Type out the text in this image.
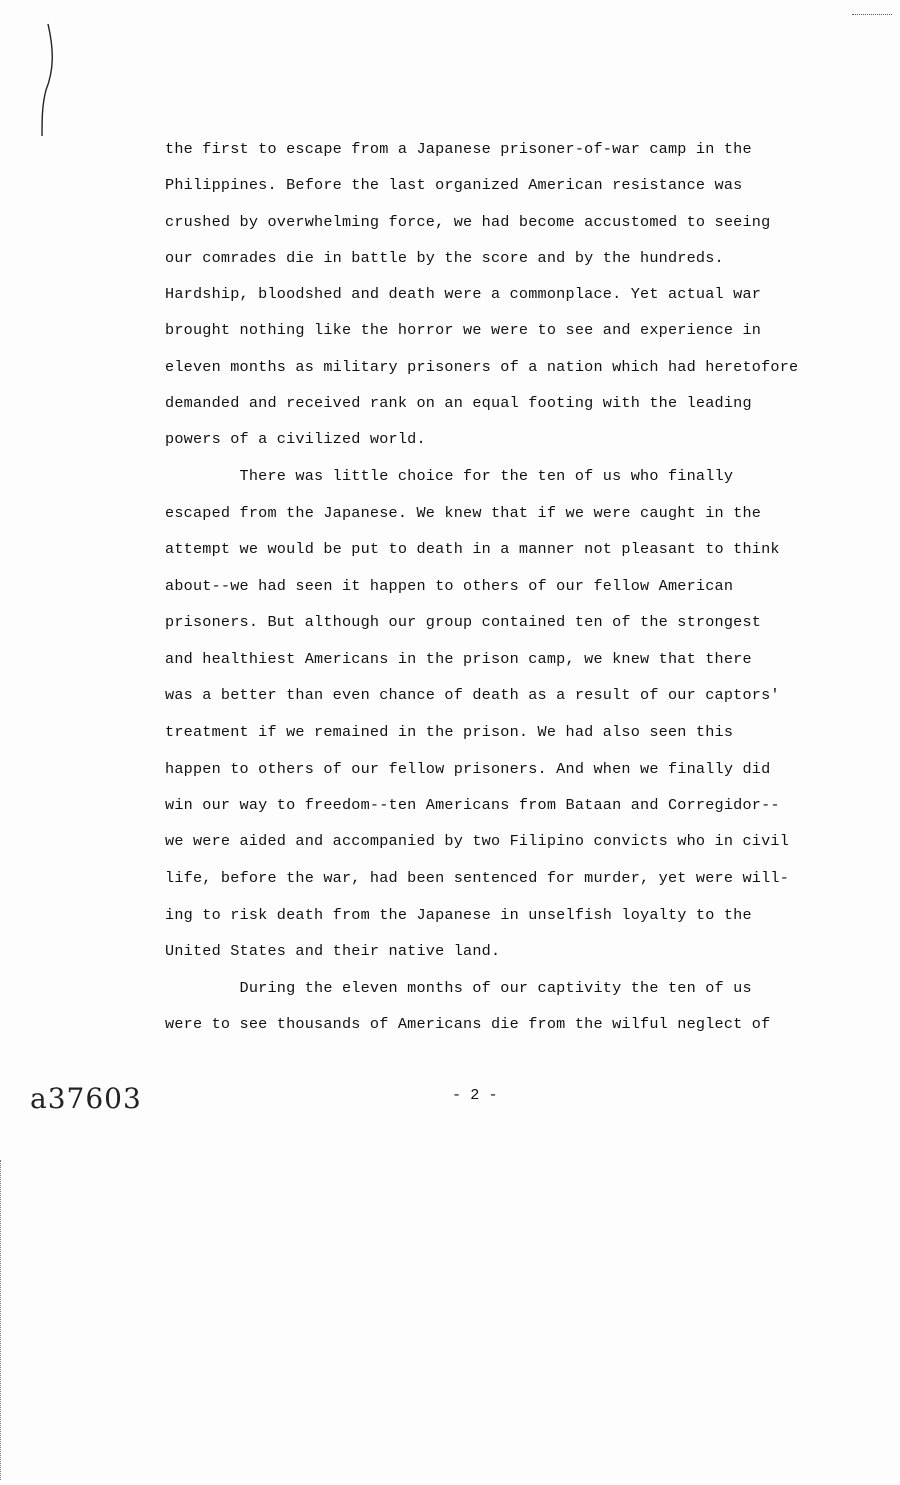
the first to escape from a Japanese prisoner-of-war camp in the
Philippines. Before the last organized American resistance was
crushed by overwhelming force, we had become accustomed to seeing
our comrades die in battle by the score and by the hundreds.
Hardship, bloodshed and death were a commonplace. Yet actual war
brought nothing like the horror we were to see and experience in
eleven months as military prisoners of a nation which had heretofore
demanded and received rank on an equal footing with the leading
powers of a civilized world.
There was little choice for the ten of us who finally
escaped from the Japanese. We knew that if we were caught in the
attempt we would be put to death in a manner not pleasant to think
about--we had seen it happen to others of our fellow American
prisoners. But although our group contained ten of the strongest
and healthiest Americans in the prison camp, we knew that there
was a better than even chance of death as a result of our captors'
treatment if we remained in the prison. We had also seen this
happen to others of our fellow prisoners. And when we finally did
win our way to freedom--ten Americans from Bataan and Corregidor--
we were aided and accompanied by two Filipino convicts who in civil
life, before the war, had been sentenced for murder, yet were will-
ing to risk death from the Japanese in unselfish loyalty to the
United States and their native land.
During the eleven months of our captivity the ten of us
were to see thousands of Americans die from the wilful neglect of
- 2 -
a37603
